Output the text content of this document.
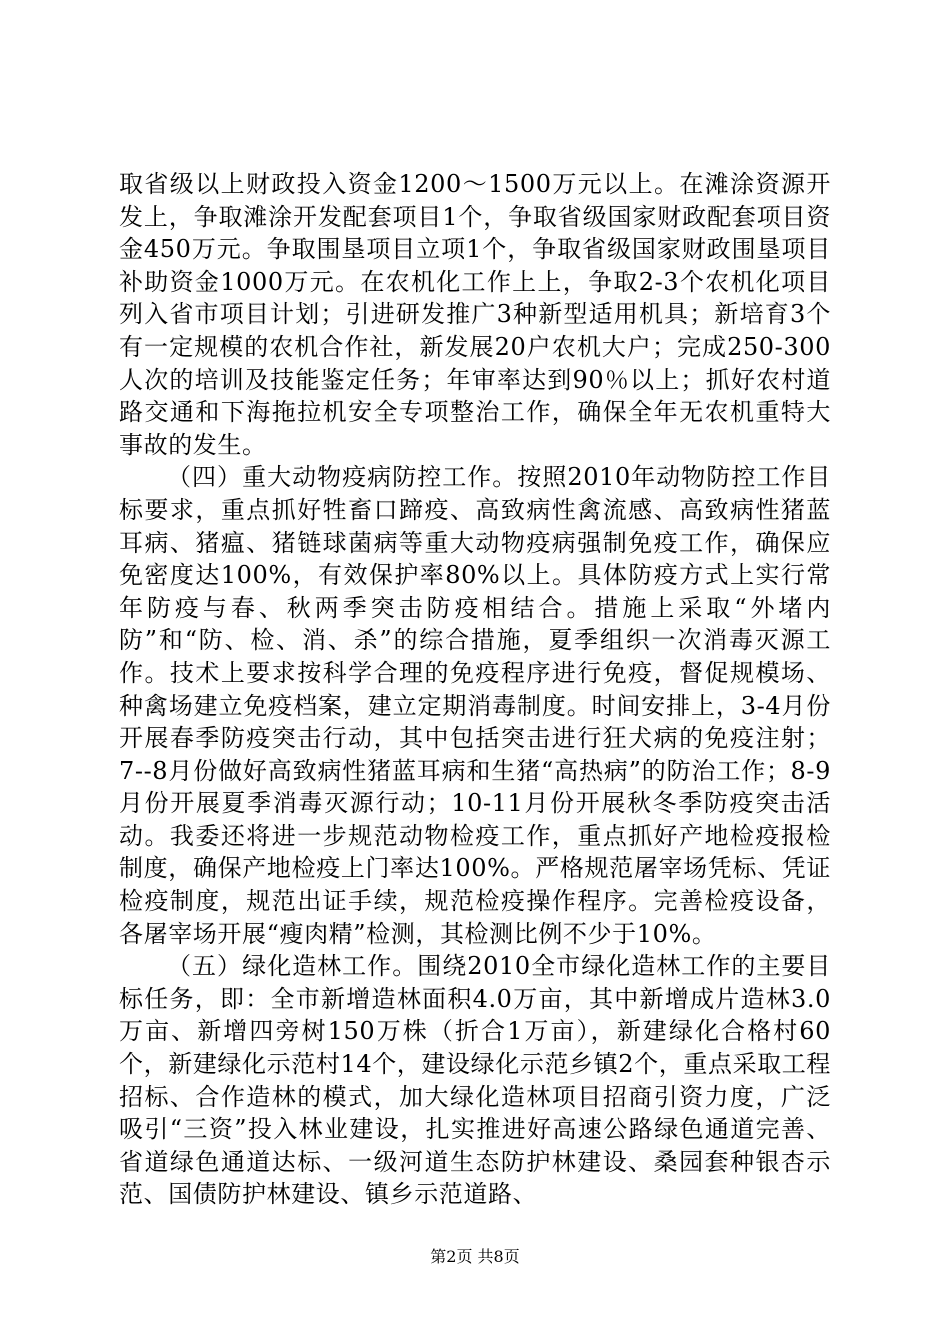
取省级以上财政投入资金1200～1500万元以上。在滩涂资源开发上，争取滩涂开发配套项目1个，争取省级国家财政配套项目资金450万元。争取围垦项目立项1个，争取省级国家财政围垦项目补助资金1000万元。在农机化工作上上，争取2-3个农机化项目列入省市项目计划；引进研发推广3种新型适用机具；新培育3个有一定规模的农机合作社，新发展20户农机大户；完成250-300人次的培训及技能鉴定任务；年审率达到90％以上；抓好农村道路交通和下海拖拉机安全专项整治工作，确保全年无农机重特大事故的发生。

（四）重大动物疫病防控工作。按照2010年动物防控工作目标要求，重点抓好牲畜口蹄疫、高致病性禽流感、高致病性猪蓝耳病、猪瘟、猪链球菌病等重大动物疫病强制免疫工作，确保应免密度达100%，有效保护率80%以上。具体防疫方式上实行常年防疫与春、秋两季突击防疫相结合。措施上采取“外堵内防”和“防、检、消、杀”的综合措施，夏季组织一次消毒灭源工作。技术上要求按科学合理的免疫程序进行免疫，督促规模场、种禽场建立免疫档案，建立定期消毒制度。时间安排上，3-4月份开展春季防疫突击行动，其中包括突击进行狂犬病的免疫注射；7--8月份做好高致病性猪蓝耳病和生猪“高热病”的防治工作；8-9月份开展夏季消毒灭源行动；10-11月份开展秋冬季防疫突击活动。我委还将进一步规范动物检疫工作，重点抓好产地检疫报检制度，确保产地检疫上门率达100%。严格规范屠宰场凭标、凭证检疫制度，规范出证手续，规范检疫操作程序。完善检疫设备，各屠宰场开展“瘦肉精”检测，其检测比例不少于10%。

（五）绿化造林工作。围绕2010全市绿化造林工作的主要目标任务，即：全市新增造林面积4.0万亩，其中新增成片造林3.0万亩、新增四旁树150万株（折合1万亩），新建绿化合格村60个，新建绿化示范村14个，建设绿化示范乡镇2个，重点采取工程招标、合作造林的模式，加大绿化造林项目招商引资力度，广泛吸引“三资”投入林业建设，扎实推进好高速公路绿色通道完善、省道绿色通道达标、一级河道生态防护林建设、桑园套种银杏示范、国债防护林建设、镇乡示范道路、

第2页 共8页
